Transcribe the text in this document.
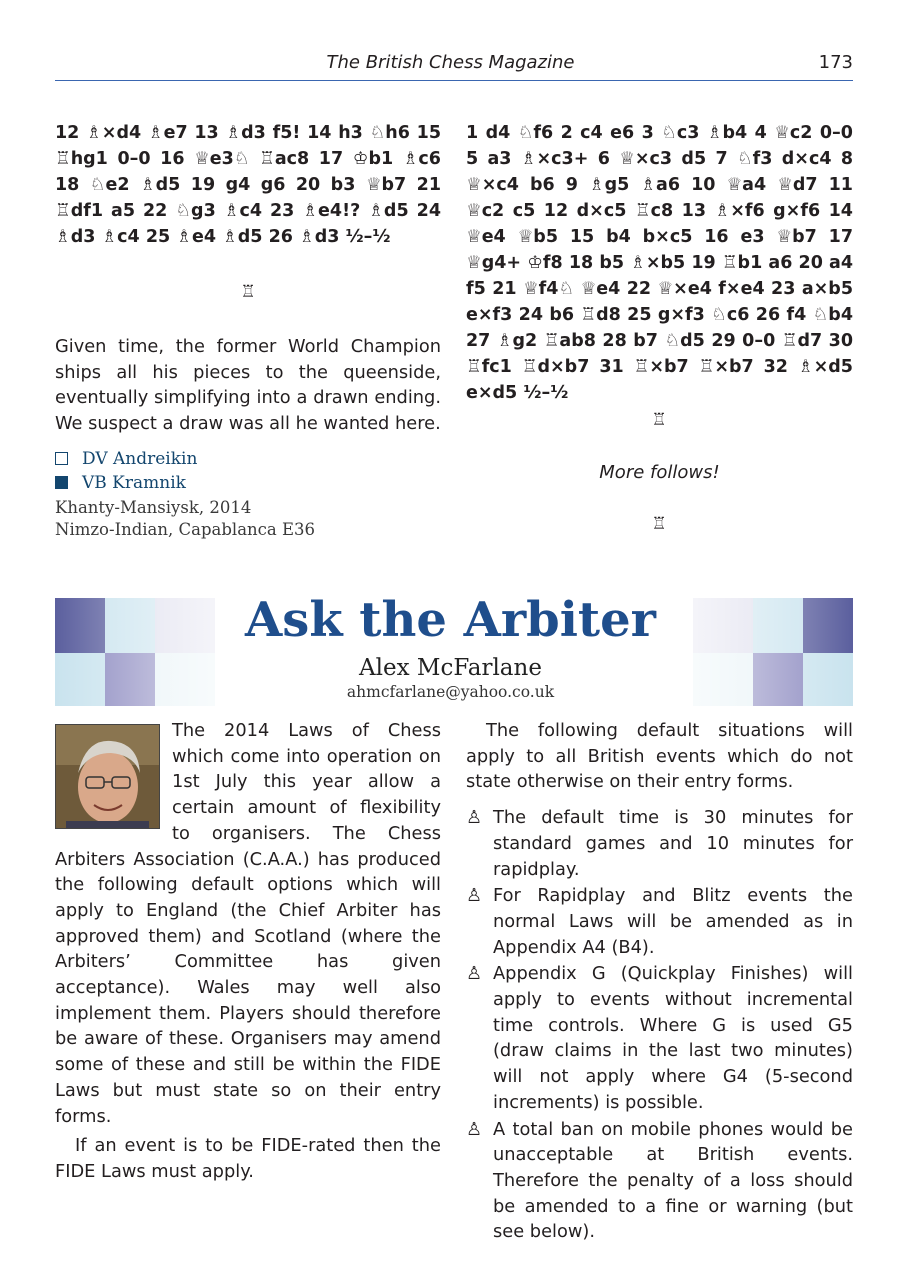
The British Chess Magazine	173
12 ♗×d4 ♗e7 13 ♗d3 f5! 14 h3 ♘h6 15 ♖hg1 0–0 16 ♕e3♘ ♖ac8 17 ♔b1 ♗c6 18 ♘e2 ♗d5 19 g4 g6 20 b3 ♕b7 21 ♖df1 a5 22 ♘g3 ♗c4 23 ♗e4!? ♗d5 24 ♗d3 ♗c4 25 ♗e4 ♗d5 26 ♗d3 ½–½
♖

Given time, the former World Champion ships all his pieces to the queenside, eventually simplifying into a drawn ending. We suspect a draw was all he wanted here.

DV Andreikin
VB Kramnik
Khanty-Mansiysk, 2014
Nimzo-Indian, Capablanca E36
1 d4 ♘f6 2 c4 e6 3 ♘c3 ♗b4 4 ♕c2 0–0 5 a3 ♗×c3+ 6 ♕×c3 d5 7 ♘f3 d×c4 8 ♕×c4 b6 9 ♗g5 ♗a6 10 ♕a4 ♕d7 11 ♕c2 c5 12 d×c5 ♖c8 13 ♗×f6 g×f6 14 ♕e4 ♕b5 15 b4 b×c5 16 e3 ♕b7 17 ♕g4+ ♔f8 18 b5 ♗×b5 19 ♖b1 a6 20 a4 f5 21 ♕f4♘ ♕e4 22 ♕×e4 f×e4 23 a×b5 e×f3 24 b6 ♖d8 25 g×f3 ♘c6 26 f4 ♘b4 27 ♗g2 ♖ab8 28 b7 ♘d5 29 0–0 ♖d7 30 ♖fc1 ♖d×b7 31 ♖×b7 ♖×b7 32 ♗×d5 e×d5 ½–½
♖
More follows!
♖
Ask the Arbiter
Alex McFarlane
ahmcfarlane@yahoo.co.uk

The 2014 Laws of Chess which come into operation on 1st July this year allow a certain amount of flexibility to organisers. The Chess Arbiters Association (C.A.A.) has produced the following default options which will apply to England (the Chief Arbiter has approved them) and Scotland (where the Arbiters’ Committee has given acceptance). Wales may well also implement them. Players should therefore be aware of these. Organisers may amend some of these and still be within the FIDE Laws but must state so on their entry forms.

If an event is to be FIDE-rated then the FIDE Laws must apply.

The following default situations will apply to all British events which do not state otherwise on their entry forms.

♙ The default time is 30 minutes for standard games and 10 minutes for rapidplay.
♙ For Rapidplay and Blitz events the normal Laws will be amended as in Appendix A4 (B4).
♙ Appendix G (Quickplay Finishes) will apply to events without incremental time controls. Where G is used G5 (draw claims in the last two minutes) will not apply where G4 (5-second increments) is possible.
♙ A total ban on mobile phones would be unacceptable at British events. Therefore the penalty of a loss should be amended to a fine or warning (but see below).
